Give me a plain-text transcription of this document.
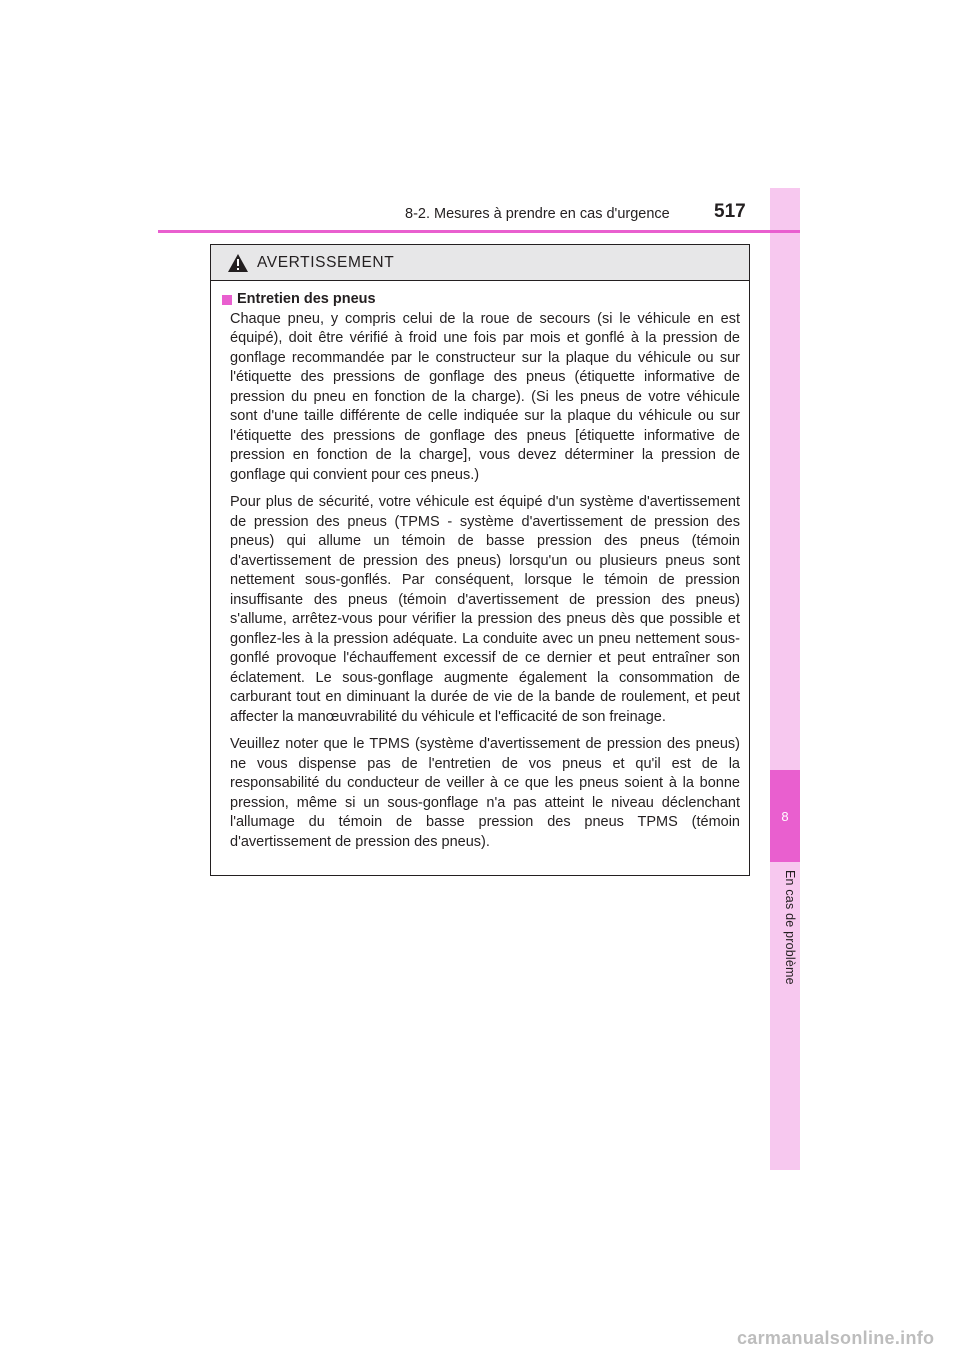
8
En cas de problème
8-2. Mesures à prendre en cas d'urgence 517
AVERTISSEMENT
Entretien des pneus

Chaque pneu, y compris celui de la roue de secours (si le véhicule en est équipé), doit être vérifié à froid une fois par mois et gonflé à la pression de gonflage recommandée par le constructeur sur la plaque du véhicule ou sur l'étiquette des pressions de gonflage des pneus (étiquette informative de pression du pneu en fonction de la charge). (Si les pneus de votre véhicule sont d'une taille différente de celle indiquée sur la plaque du véhicule ou sur l'étiquette des pressions de gonflage des pneus [étiquette informative de pression en fonction de la charge], vous devez déterminer la pression de gonflage qui convient pour ces pneus.)

Pour plus de sécurité, votre véhicule est équipé d'un système d'avertissement de pression des pneus (TPMS - système d'avertissement de pression des pneus) qui allume un témoin de basse pression des pneus (témoin d'avertissement de pression des pneus) lorsqu'un ou plusieurs pneus sont nettement sous-gonflés. Par conséquent, lorsque le témoin de pression insuffisante des pneus (témoin d'avertissement de pression des pneus) s'allume, arrêtez-vous pour vérifier la pression des pneus dès que possible et gonflez-les à la pression adéquate. La conduite avec un pneu nettement sous-gonflé provoque l'échauffement excessif de ce dernier et peut entraîner son éclatement. Le sous-gonflage augmente également la consommation de carburant tout en diminuant la durée de vie de la bande de roulement, et peut affecter la manœuvrabilité du véhicule et l'efficacité de son freinage.

Veuillez noter que le TPMS (système d'avertissement de pression des pneus) ne vous dispense pas de l'entretien de vos pneus et qu'il est de la responsabilité du conducteur de veiller à ce que les pneus soient à la bonne pression, même si un sous-gonflage n'a pas atteint le niveau déclenchant l'allumage du témoin de basse pression des pneus TPMS (témoin d'avertissement de pression des pneus).

carmanualsonline.info
